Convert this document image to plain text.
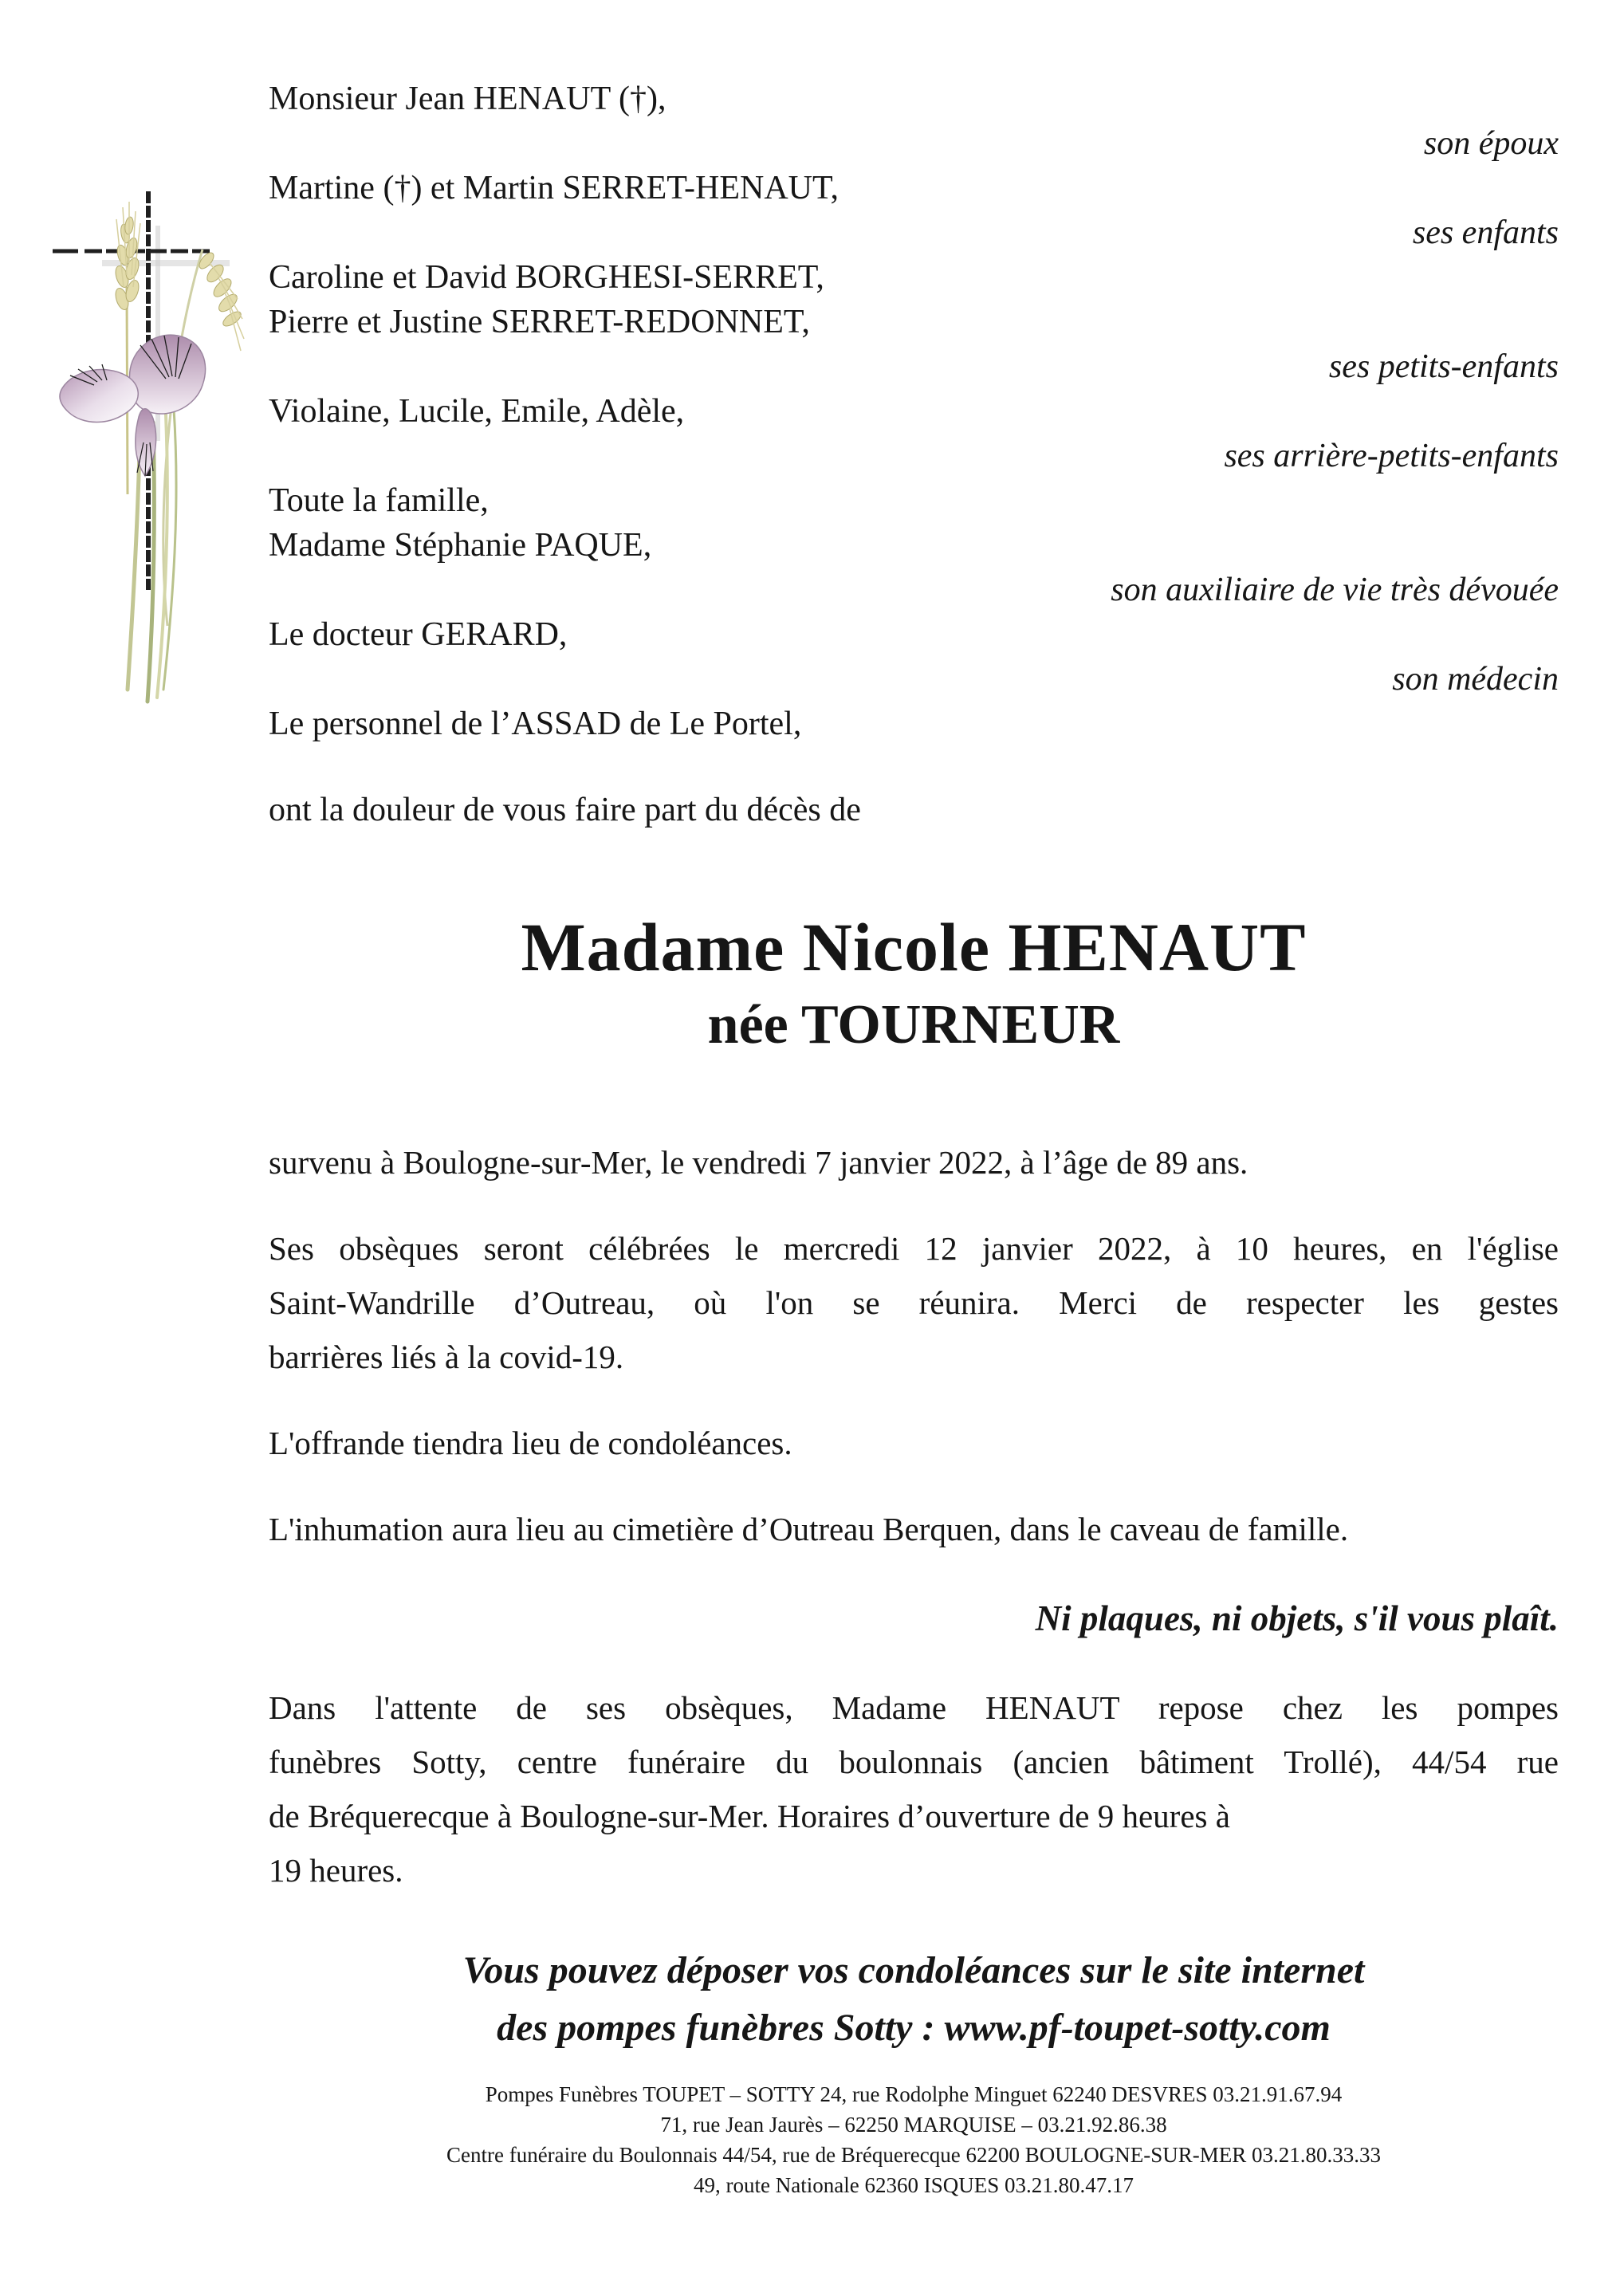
Monsieur Jean HENAUT (†),
son époux
Martine (†) et Martin SERRET-HENAUT,
ses enfants
Caroline et David BORGHESI-SERRET,
Pierre et Justine SERRET-REDONNET,
ses petits-enfants
Violaine, Lucile, Emile, Adèle,
ses arrière-petits-enfants
Toute la famille,
Madame Stéphanie PAQUE,
son auxiliaire de vie très dévouée
Le docteur GERARD,
son médecin
Le personnel de l’ASSAD de Le Portel,
ont la douleur de vous faire part du décès de
Madame Nicole HENAUT
née TOURNEUR
survenu à Boulogne-sur-Mer, le vendredi 7 janvier 2022, à l’âge de 89 ans.
Ses obsèques seront célébrées le mercredi 12 janvier 2022, à 10 heures, en l'église
Saint-Wandrille d’Outreau, où l'on se réunira. Merci de respecter les gestes
barrières liés à la covid-19.
L'offrande tiendra lieu de condoléances.
L'inhumation aura lieu au cimetière d’Outreau Berquen, dans le caveau de famille.
Ni plaques, ni objets, s'il vous plaît.
Dans l'attente de ses obsèques, Madame HENAUT repose chez les pompes
funèbres Sotty, centre funéraire du boulonnais (ancien bâtiment Trollé), 44/54 rue
de Bréquerecque à Boulogne-sur-Mer. Horaires d’ouverture de 9 heures à
19 heures.
Vous pouvez déposer vos condoléances sur le site internet
des pompes funèbres Sotty : www.pf-toupet-sotty.com
Pompes Funèbres TOUPET – SOTTY 24, rue Rodolphe Minguet 62240 DESVRES 03.21.91.67.94
71, rue Jean Jaurès – 62250 MARQUISE – 03.21.92.86.38
Centre funéraire du Boulonnais 44/54, rue de Bréquerecque 62200 BOULOGNE-SUR-MER 03.21.80.33.33
49, route Nationale 62360 ISQUES 03.21.80.47.17
